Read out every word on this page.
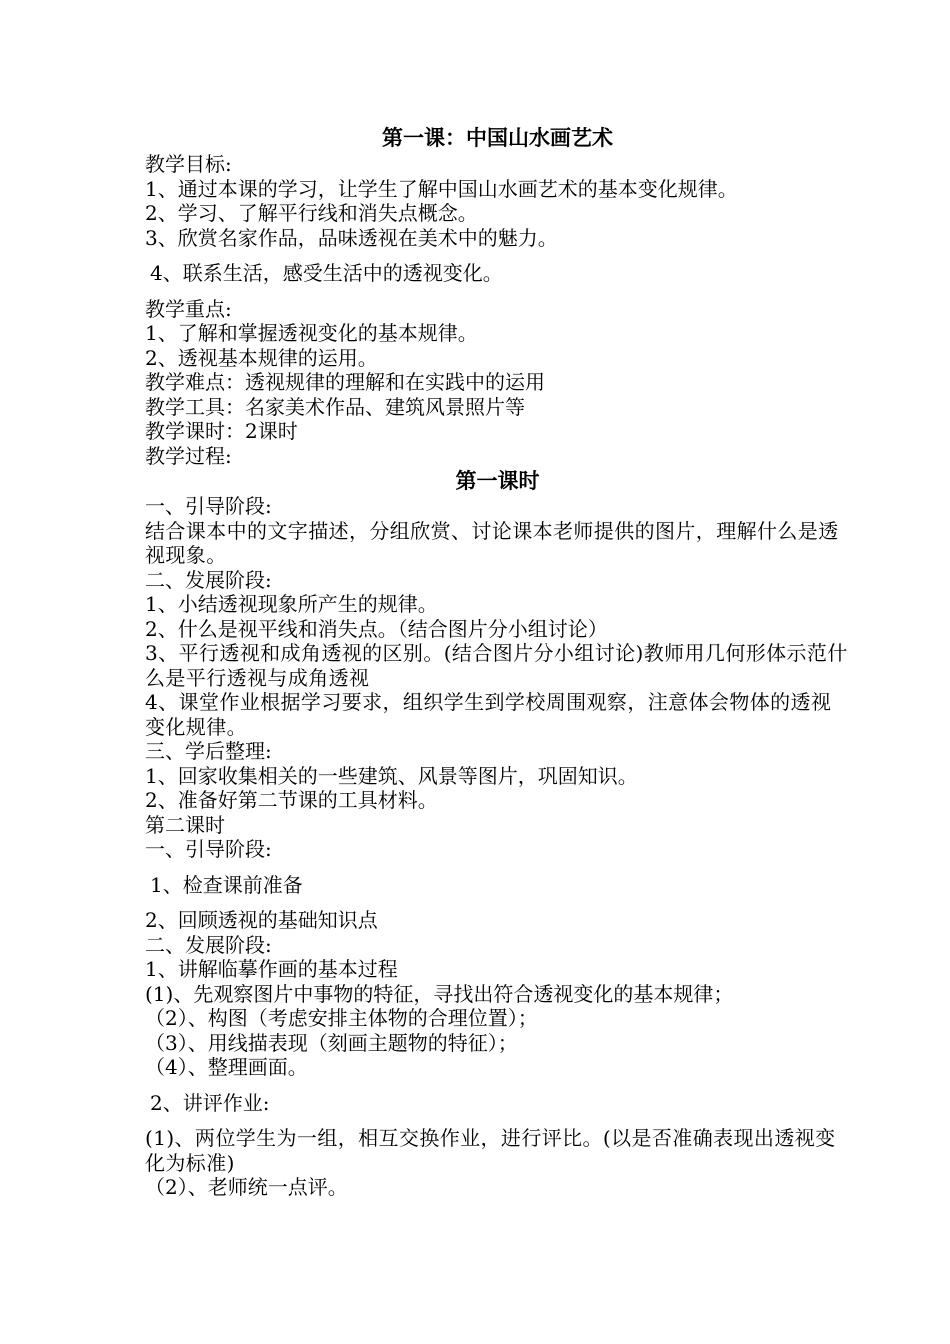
第一课：中国山水画艺术

教学目标:

1、通过本课的学习，让学生了解中国山水画艺术的基本变化规律。

2、学习、了解平行线和消失点概念。

3、欣赏名家作品，品味透视在美术中的魅力。

4、联系生活，感受生活中的透视变化。

教学重点:

1、了解和掌握透视变化的基本规律。

2、透视基本规律的运用。

教学难点：透视规律的理解和在实践中的运用

教学工具：名家美术作品、建筑风景照片等

教学课时：2课时

教学过程:

第一课时

一、引导阶段:

结合课本中的文字描述，分组欣赏、讨论课本老师提供的图片，理解什么是透视现象。

二、发展阶段:

1、小结透视现象所产生的规律。

2、什么是视平线和消失点。（结合图片分小组讨论）

3、平行透视和成角透视的区别。(结合图片分小组讨论)教师用几何形体示范什么是平行透视与成角透视

4、课堂作业根据学习要求，组织学生到学校周围观察，注意体会物体的透视变化规律。

三、学后整理:

1、回家收集相关的一些建筑、风景等图片，巩固知识。

2、准备好第二节课的工具材料。

第二课时

一、引导阶段:

1、检查课前准备

2、回顾透视的基础知识点

二、发展阶段:

1、讲解临摹作画的基本过程

(1)、先观察图片中事物的特征，寻找出符合透视变化的基本规律；

（2）、构图（考虑安排主体物的合理位置）；

（3）、用线描表现（刻画主题物的特征）；

（4）、整理画面。

2、讲评作业:

(1)、两位学生为一组，相互交换作业，进行评比。(以是否准确表现出透视变化为标准)

（2）、老师统一点评。
